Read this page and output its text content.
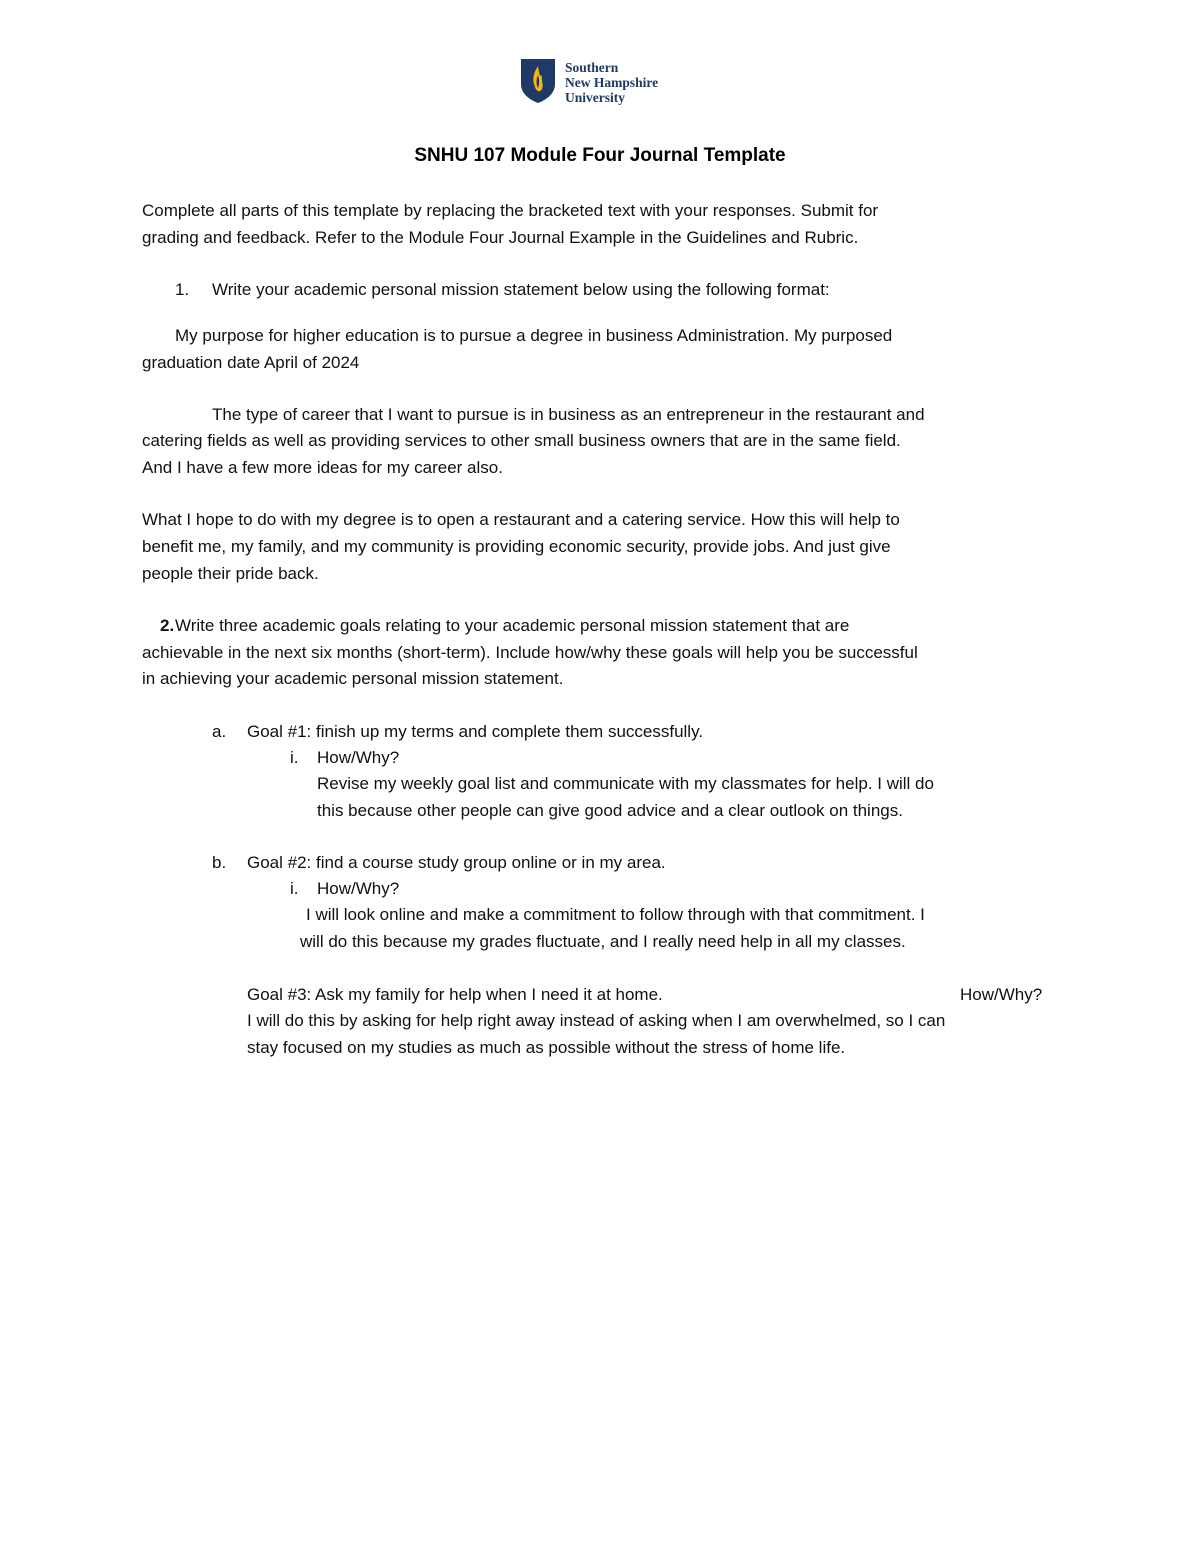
Southern
New Hampshire
University
SNHU 107 Module Four Journal Template
Complete all parts of this template by replacing the bracketed text with your responses. Submit for
grading and feedback. Refer to the Module Four Journal Example in the Guidelines and Rubric.
1. Write your academic personal mission statement below using the following format:
My purpose for higher education is to pursue a degree in business Administration. My purposed
graduation date April of 2024
The type of career that I want to pursue is in business as an entrepreneur in the restaurant and
catering fields as well as providing services to other small business owners that are in the same field.
And I have a few more ideas for my career also.
What I hope to do with my degree is to open a restaurant and a catering service. How this will help to
benefit me, my family, and my community is providing economic security, provide jobs. And just give
people their pride back.
2. Write three academic goals relating to your academic personal mission statement that are
achievable in the next six months (short-term). Include how/why these goals will help you be successful
in achieving your academic personal mission statement.
a. Goal #1: finish up my terms and complete them successfully.
i. How/Why?
Revise my weekly goal list and communicate with my classmates for help. I will do
this because other people can give good advice and a clear outlook on things.
b. Goal #2: find a course study group online or in my area.
i. How/Why?
I will look online and make a commitment to follow through with that commitment. I
will do this because my grades fluctuate, and I really need help in all my classes.
Goal #3: Ask my family for help when I need it at home.	How/Why?
I will do this by asking for help right away instead of asking when I am overwhelmed, so I can
stay focused on my studies as much as possible without the stress of home life.
